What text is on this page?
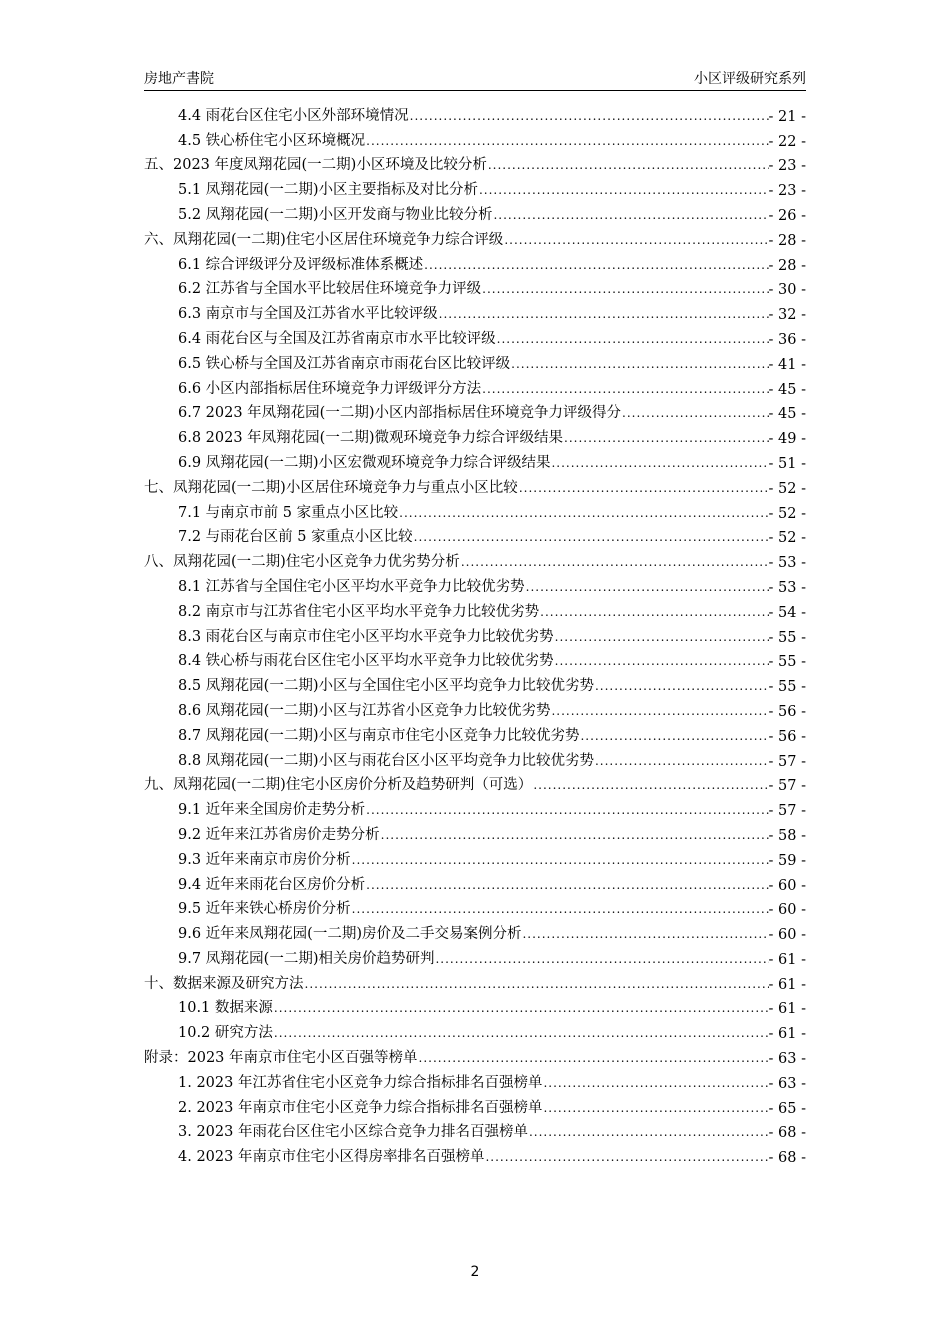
房地产書院	小区评级研究系列
4.4 雨花台区住宅小区外部环境情况 .....	- 21 -
4.5 铁心桥住宅小区环境概况 .....	- 22 -
五、2023 年度凤翔花园(一二期)小区环境及比较分析 .....	- 23 -
5.1 凤翔花园(一二期)小区主要指标及对比分析 .....	- 23 -
5.2 凤翔花园(一二期)小区开发商与物业比较分析 .....	- 26 -
六、凤翔花园(一二期)住宅小区居住环境竞争力综合评级 .....	- 28 -
6.1 综合评级评分及评级标准体系概述 .....	- 28 -
6.2 江苏省与全国水平比较居住环境竞争力评级 .....	- 30 -
6.3 南京市与全国及江苏省水平比较评级 .....	- 32 -
6.4 雨花台区与全国及江苏省南京市水平比较评级 .....	- 36 -
6.5 铁心桥与全国及江苏省南京市雨花台区比较评级 .....	- 41 -
6.6 小区内部指标居住环境竞争力评级评分方法 .....	- 45 -
6.7 2023 年凤翔花园(一二期)小区内部指标居住环境竞争力评级得分 .....	- 45 -
6.8 2023 年凤翔花园(一二期)微观环境竞争力综合评级结果 .....	- 49 -
6.9 凤翔花园(一二期)小区宏微观环境竞争力综合评级结果 .....	- 51 -
七、凤翔花园(一二期)小区居住环境竞争力与重点小区比较 .....	- 52 -
7.1 与南京市前 5 家重点小区比较 .....	- 52 -
7.2 与雨花台区前 5 家重点小区比较 .....	- 52 -
八、凤翔花园(一二期)住宅小区竞争力优劣势分析 .....	- 53 -
8.1 江苏省与全国住宅小区平均水平竞争力比较优劣势 .....	- 53 -
8.2 南京市与江苏省住宅小区平均水平竞争力比较优劣势 .....	- 54 -
8.3 雨花台区与南京市住宅小区平均水平竞争力比较优劣势 .....	- 55 -
8.4 铁心桥与雨花台区住宅小区平均水平竞争力比较优劣势 .....	- 55 -
8.5 凤翔花园(一二期)小区与全国住宅小区平均竞争力比较优劣势 .....	- 55 -
8.6 凤翔花园(一二期)小区与江苏省小区竞争力比较优劣势 .....	- 56 -
8.7 凤翔花园(一二期)小区与南京市住宅小区竞争力比较优劣势 .....	- 56 -
8.8 凤翔花园(一二期)小区与雨花台区小区平均竞争力比较优劣势 .....	- 57 -
九、凤翔花园(一二期)住宅小区房价分析及趋势研判（可选） .....	- 57 -
9.1 近年来全国房价走势分析 .....	- 57 -
9.2 近年来江苏省房价走势分析 .....	- 58 -
9.3 近年来南京市房价分析 .....	- 59 -
9.4 近年来雨花台区房价分析 .....	- 60 -
9.5 近年来铁心桥房价分析 .....	- 60 -
9.6 近年来凤翔花园(一二期)房价及二手交易案例分析 .....	- 60 -
9.7 凤翔花园(一二期)相关房价趋势研判 .....	- 61 -
十、数据来源及研究方法 .....	- 61 -
10.1 数据来源 .....	- 61 -
10.2 研究方法 .....	- 61 -
附录：2023 年南京市住宅小区百强等榜单 .....	- 63 -
1. 2023 年江苏省住宅小区竞争力综合指标排名百强榜单 .....	- 63 -
2. 2023 年南京市住宅小区竞争力综合指标排名百强榜单 .....	- 65 -
3. 2023 年雨花台区住宅小区综合竞争力排名百强榜单 .....	- 68 -
4. 2023 年南京市住宅小区得房率排名百强榜单 .....	- 68 -
2
